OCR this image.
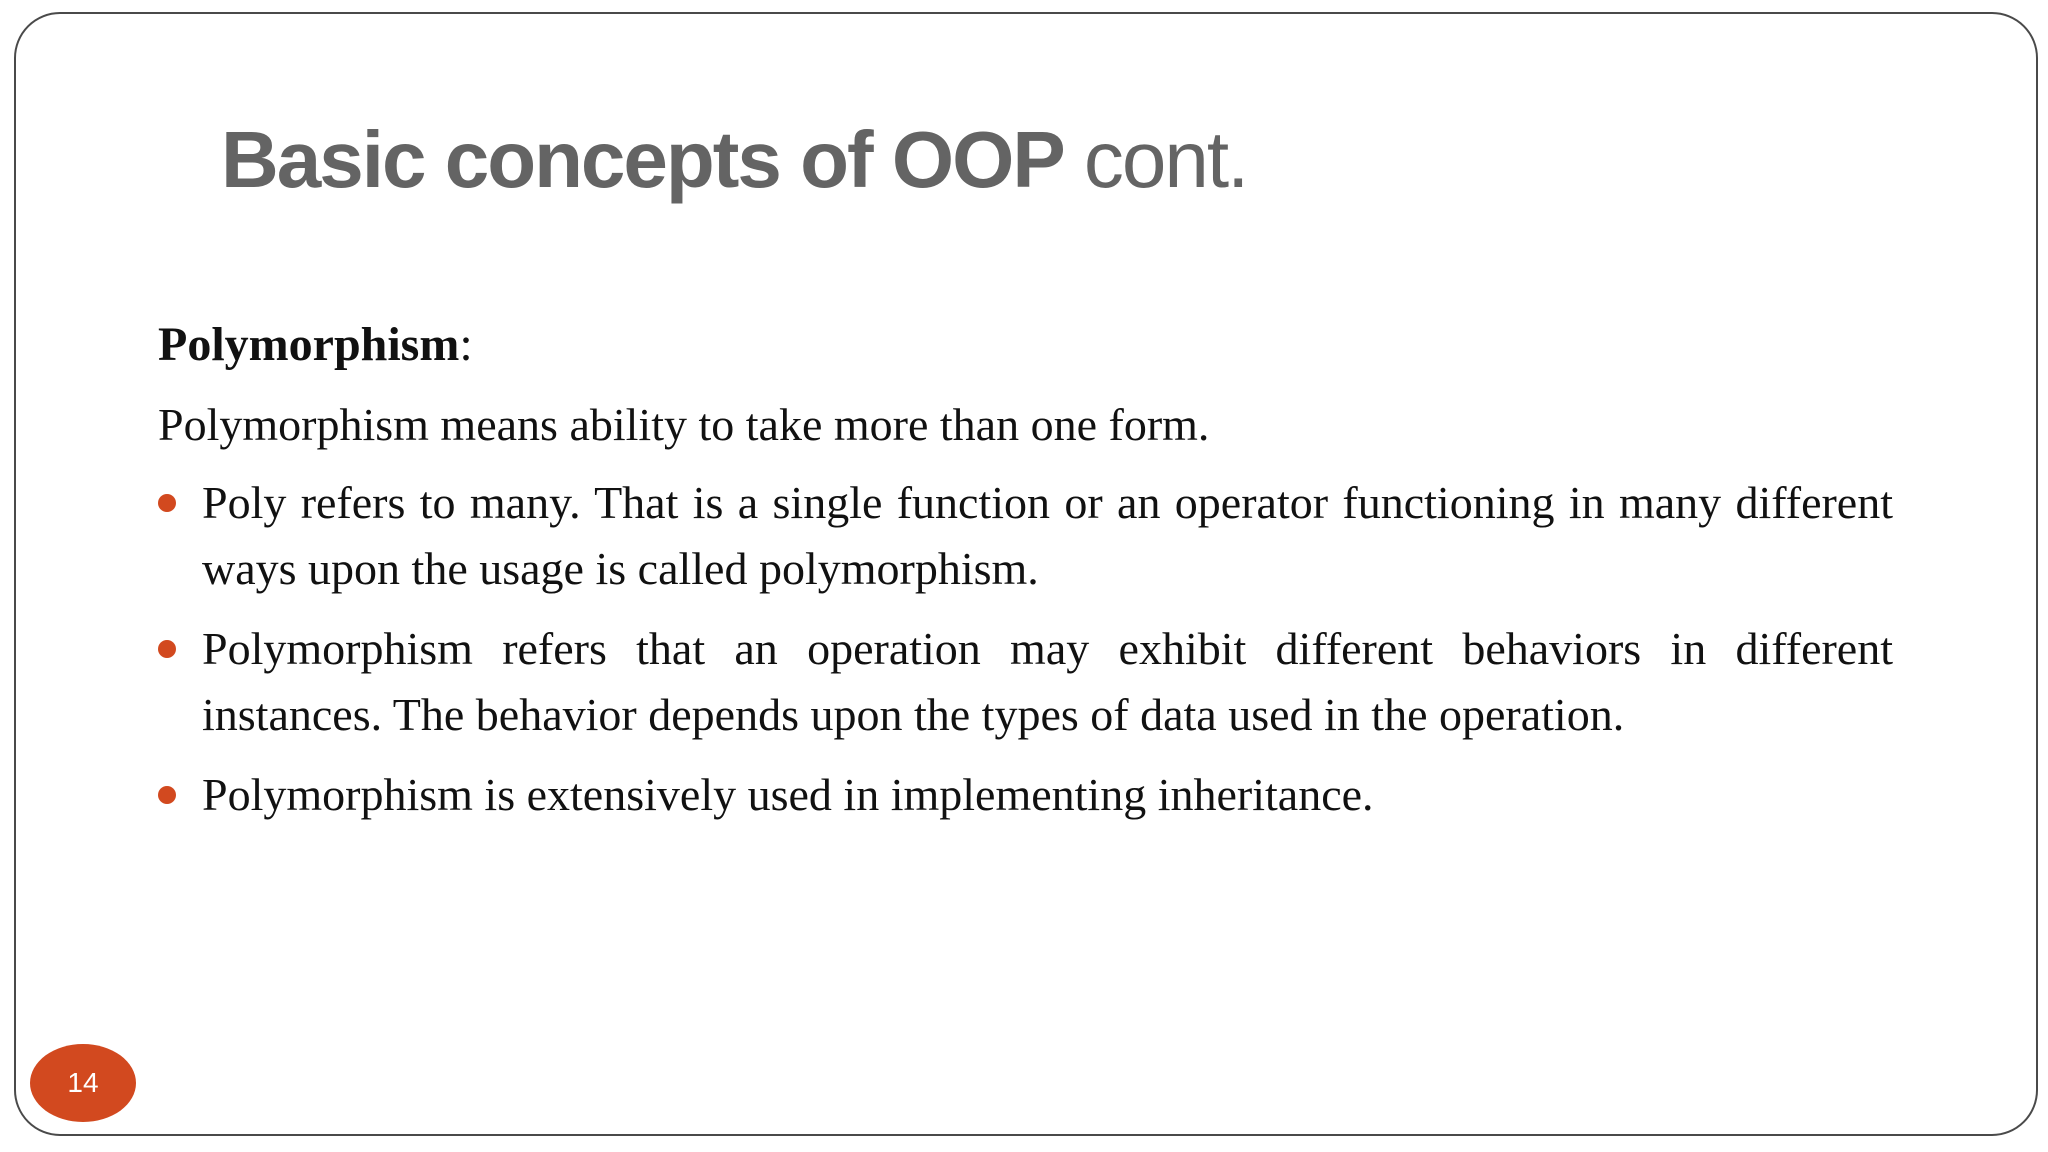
Basic concepts of OOP cont.

Polymorphism:

Polymorphism means ability to take more than one form.

Poly refers to many. That is a single function or an operator functioning in many different ways upon the usage is called polymorphism.
Polymorphism refers that an operation may exhibit different behaviors in different instances. The behavior depends upon the types of data used in the operation.
Polymorphism is extensively used in implementing inheritance.
14
